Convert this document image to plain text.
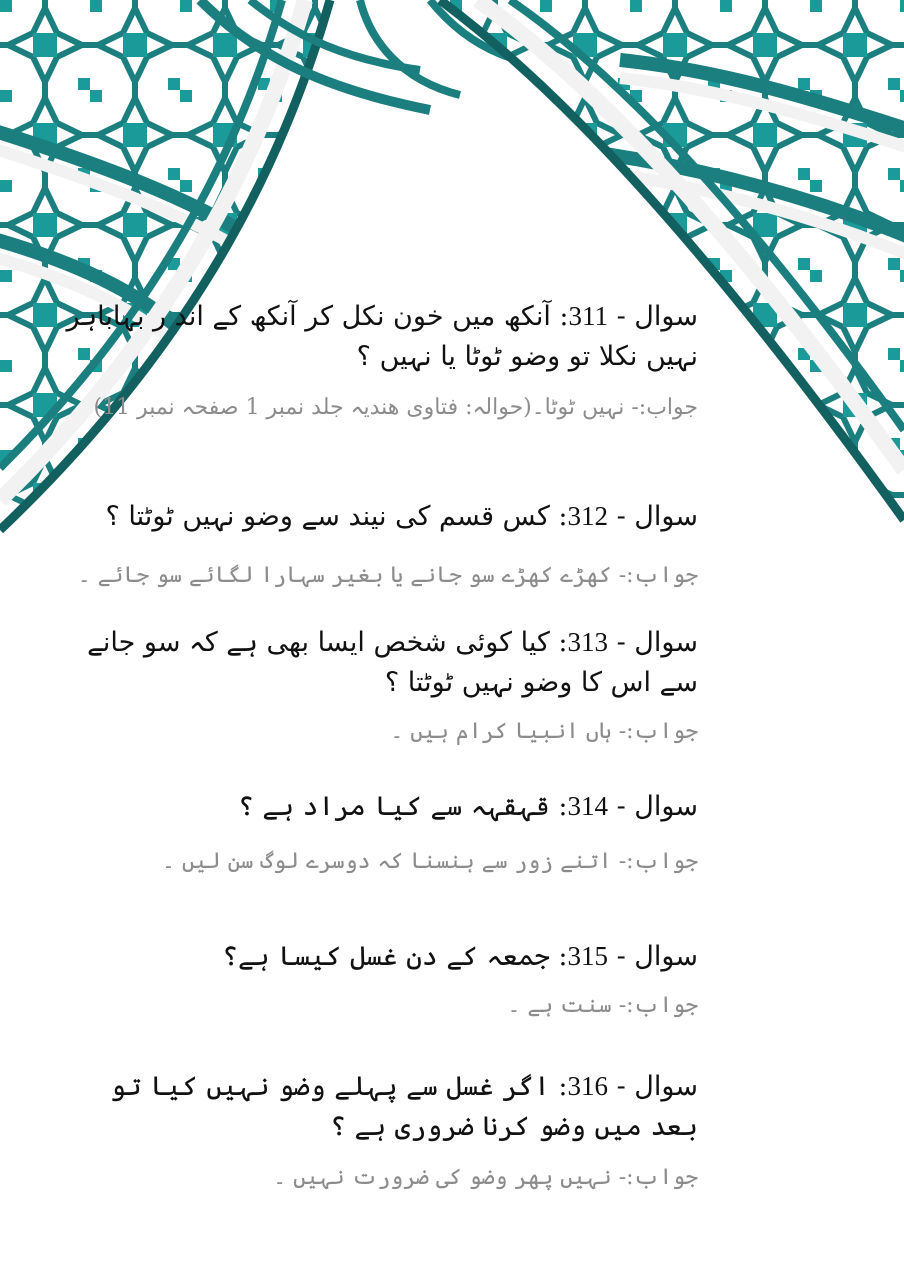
سوال - 311: آنکھ میں خون نکل کر آنکھ کے اند ر بہاباہر نہیں نکلا تو وضو ٹوٹا یا نہیں ؟

جواب:- نہیں ٹوٹا۔(حوالہ: فتاوی ھندیہ جلد نمبر 1 صفحہ نمبر 11)

سوال - 312: کس قسم کی نیند سے وضو نہیں ٹوٹتا ؟

جواب:- کھڑے کھڑے سو جانے یا بغیر سہارا لگائے سو جائے ۔

سوال - 313: کیا کوئی شخص ایسا بھی ہے کہ سو جانے سے اس کا وضو نہیں ٹوٹتا ؟

جواب:- ہاں انبیا کرام ہیں ۔

سوال - 314: قہقہہ سے کیا مراد ہے ؟

جواب:- اتنے زور سے ہنسنا کہ دوسرے لوگ سن لیں ۔

سوال - 315: جمعہ کے دن غسل کیسا ہے؟

جواب:- سنت ہے ۔

سوال - 316: اگر غسل سے پہلے وضو نہیں کیا تو بعد میں وضو کرنا ضروری ہے ؟

جواب:- نہیں پھر وضو کی ضرورت نہیں ۔
